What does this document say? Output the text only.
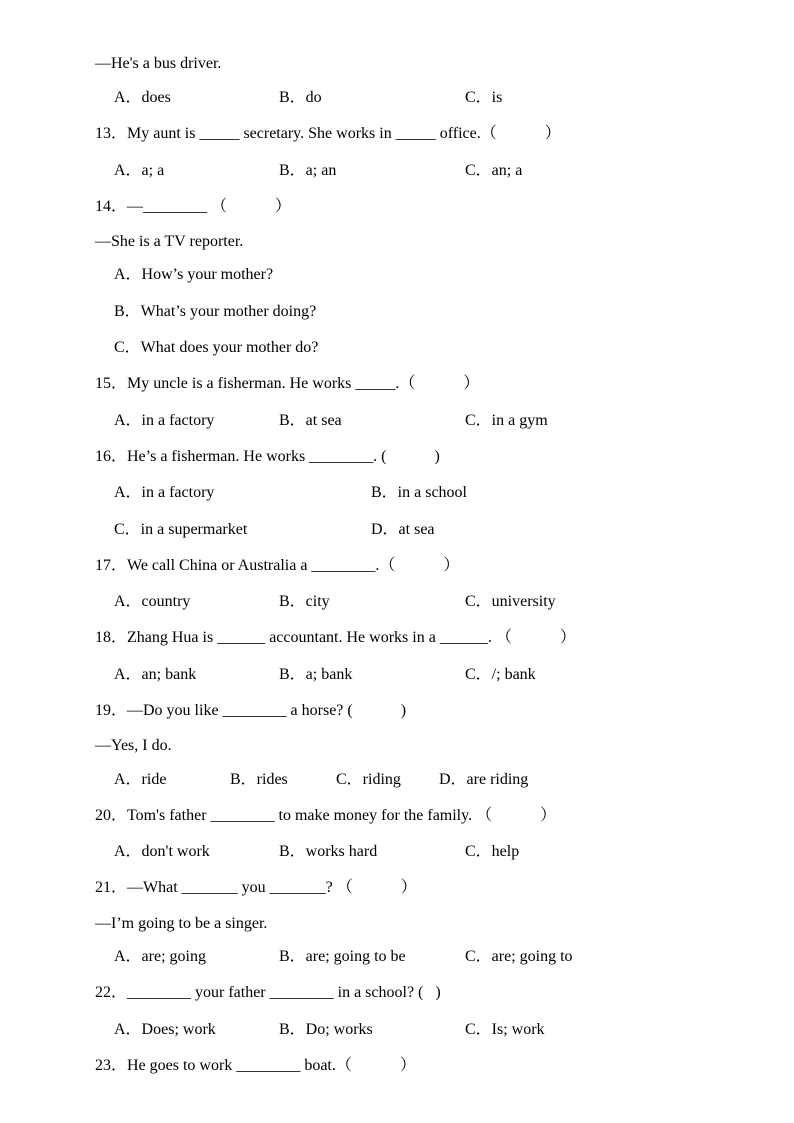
—He's a bus driver.
A．does	B．do	C．is
13．My aunt is _____ secretary. She works in _____ office.（　　　）
A．a; a	B．a; an	C．an; a
14．—________ （　　　）
—She is a TV reporter.
A．How’s your mother?
B．What’s your mother doing?
C．What does your mother do?
15．My uncle is a fisherman. He works _____.（　　　）
A．in a factory	B．at sea	C．in a gym
16．He’s a fisherman. He works ________. (　　　)
A．in a factory	B．in a school
C．in a supermarket	D．at sea
17．We call China or Australia a ________.（　　　）
A．country	B．city	C．university
18．Zhang Hua is ______ accountant. He works in a ______. （　　　）
A．an; bank	B．a; bank	C．/; bank
19．—Do you like ________ a horse? (　　　)
—Yes, I do.
A．ride	B．rides	C．riding D．are riding
20．Tom's father ________ to make money for the family. （　　　）
A．don't work	B．works hard	C．help
21．—What _______ you _______? （　　　）
—I’m going to be a singer.
A．are; going	B．are; going to be	C．are; going to
22．________ your father ________ in a school? (   )
A．Does; work	B．Do; works	C．Is; work
23．He goes to work ________ boat.（　　　）
